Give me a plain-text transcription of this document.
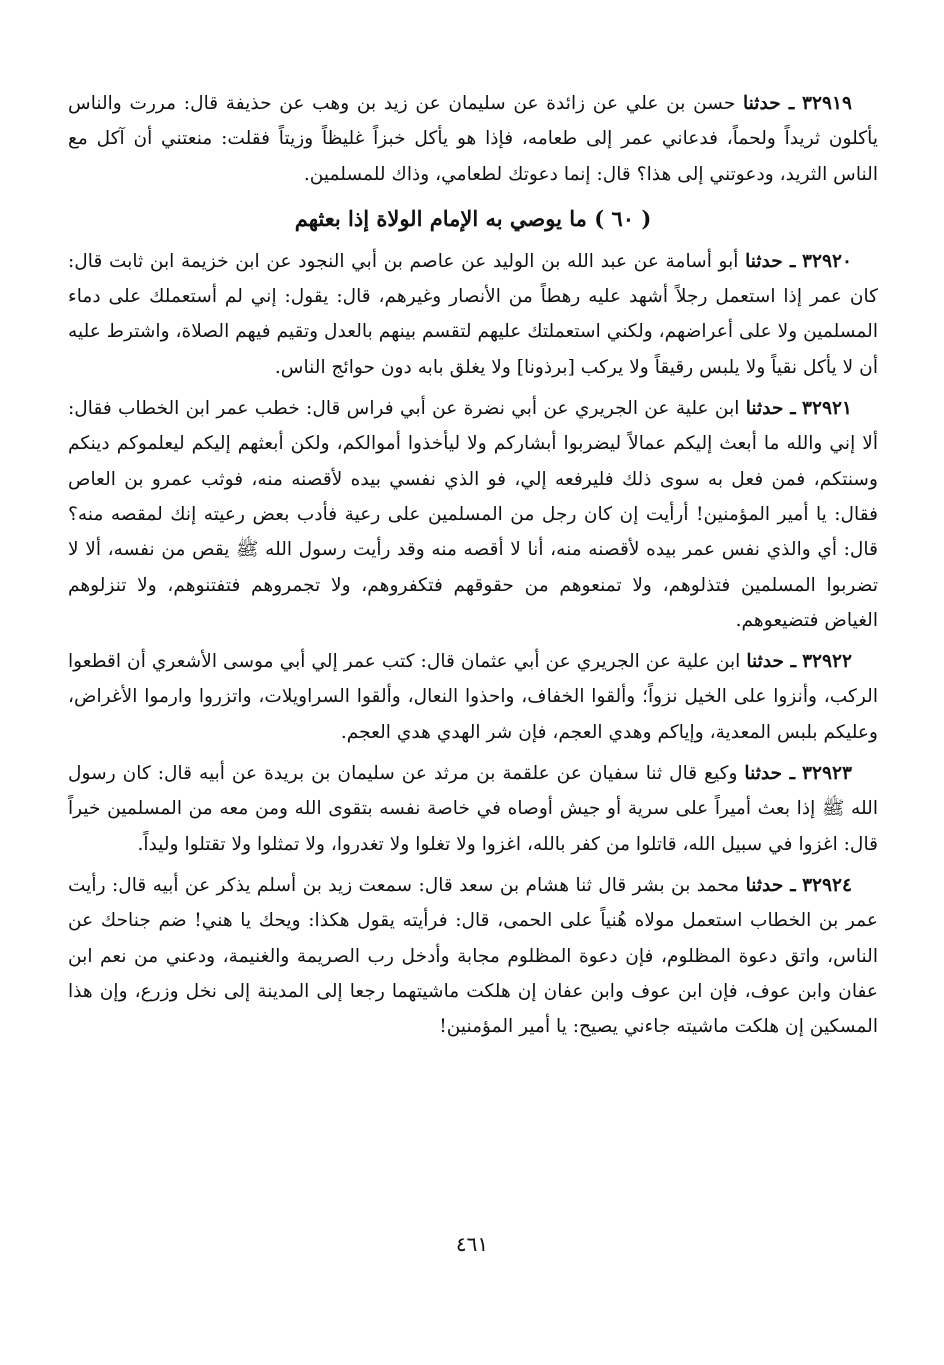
٣٢٩١٩ ـ حدثنا حسن بن علي عن زائدة عن سليمان عن زيد بن وهب عن حذيفة قال: مررت والناس يأكلون ثريداً ولحماً، فدعاني عمر إلى طعامه، فإذا هو يأكل خبزاً غليظاً وزيتاً فقلت: منعتني أن آكل مع الناس الثريد، ودعوتني إلى هذا؟ قال: إنما دعوتك لطعامي، وذاك للمسلمين.

( ٦٠ ) ما يوصي به الإمام الولاة إذا بعثهم

٣٢٩٢٠ ـ حدثنا أبو أسامة عن عبد الله بن الوليد عن عاصم بن أبي النجود عن ابن خزيمة ابن ثابت قال: كان عمر إذا استعمل رجلاً أشهد عليه رهطاً من الأنصار وغيرهم، قال: يقول: إني لم أستعملك على دماء المسلمين ولا على أعراضهم، ولكني استعملتك عليهم لتقسم بينهم بالعدل وتقيم فيهم الصلاة، واشترط عليه أن لا يأكل نقياً ولا يلبس رقيقاً ولا يركب [برذونا] ولا يغلق بابه دون حوائج الناس.

٣٢٩٢١ ـ حدثنا ابن علية عن الجريري عن أبي نضرة عن أبي فراس قال: خطب عمر ابن الخطاب فقال: ألا إني والله ما أبعث إليكم عمالاً ليضربوا أبشاركم ولا ليأخذوا أموالكم، ولكن أبعثهم إليكم ليعلموكم دينكم وسنتكم، فمن فعل به سوى ذلك فليرفعه إلي، فو الذي نفسي بيده لأقصنه منه، فوثب عمرو بن العاص فقال: يا أمير المؤمنين! أرأيت إن كان رجل من المسلمين على رعية فأدب بعض رعيته إنك لمقصه منه؟ قال: أي والذي نفس عمر بيده لأقصنه منه، أنا لا أقصه منه وقد رأيت رسول الله ﷺ يقص من نفسه، ألا لا تضربوا المسلمين فتذلوهم، ولا تمنعوهم من حقوقهم فتكفروهم، ولا تجمروهم فتفتنوهم، ولا تنزلوهم الغياض فتضيعوهم.

٣٢٩٢٢ ـ حدثنا ابن علية عن الجريري عن أبي عثمان قال: كتب عمر إلي أبي موسى الأشعري أن اقطعوا الركب، وأنزوا على الخيل نزواً؛ وألقوا الخفاف، واحذوا النعال، وألقوا السراويلات، واتزروا وارموا الأغراض، وعليكم بلبس المعدية، وإياكم وهدي العجم، فإن شر الهدي هدي العجم.

٣٢٩٢٣ ـ حدثنا وكيع قال ثنا سفيان عن علقمة بن مرثد عن سليمان بن بريدة عن أبيه قال: كان رسول الله ﷺ إذا بعث أميراً على سرية أو جيش أوصاه في خاصة نفسه بتقوى الله ومن معه من المسلمين خيراً قال: اغزوا في سبيل الله، قاتلوا من كفر بالله، اغزوا ولا تغلوا ولا تغدروا، ولا تمثلوا ولا تقتلوا وليداً.

٣٢٩٢٤ ـ حدثنا محمد بن بشر قال ثنا هشام بن سعد قال: سمعت زيد بن أسلم يذكر عن أبيه قال: رأيت عمر بن الخطاب استعمل مولاه هُنياً على الحمى، قال: فرأيته يقول هكذا: ويحك يا هني! ضم جناحك عن الناس، واتق دعوة المظلوم، فإن دعوة المظلوم مجابة وأدخل رب الصريمة والغنيمة، ودعني من نعم ابن عفان وابن عوف، فإن ابن عوف وابن عفان إن هلكت ماشيتهما رجعا إلى المدينة إلى نخل وزرع، وإن هذا المسكين إن هلكت ماشيته جاءني يصيح: يا أمير المؤمنين!

٤٦١
